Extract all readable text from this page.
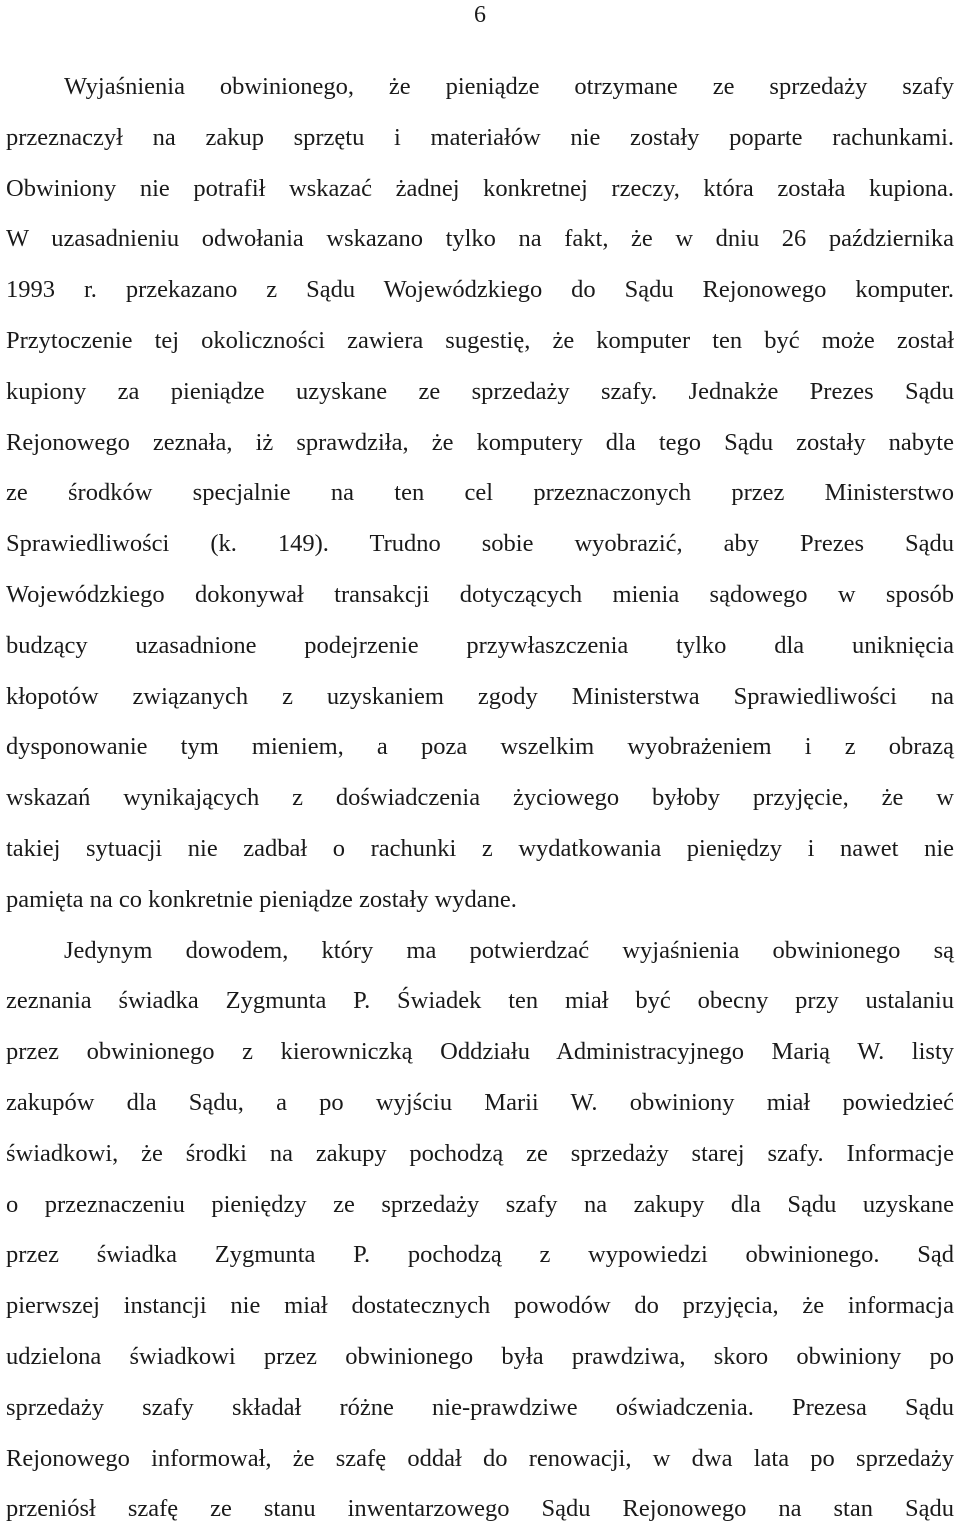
6
Wyjaśnienia obwinionego, że pieniądze otrzymane ze sprzedaży szafy
przeznaczył na zakup sprzętu i materiałów nie zostały poparte rachunkami.
Obwiniony nie potrafił wskazać żadnej konkretnej rzeczy, która została kupiona.
W uzasadnieniu odwołania wskazano tylko na fakt, że w dniu 26 października
1993 r. przekazano z Sądu Wojewódzkiego do Sądu Rejonowego komputer.
Przytoczenie tej okoliczności zawiera sugestię, że komputer ten być może został
kupiony za pieniądze uzyskane ze sprzedaży szafy. Jednakże Prezes Sądu
Rejonowego zeznała, iż sprawdziła, że komputery dla tego Sądu zostały nabyte
ze środków specjalnie na ten cel przeznaczonych przez Ministerstwo
Sprawiedliwości (k. 149). Trudno sobie wyobrazić, aby Prezes Sądu
Wojewódzkiego dokonywał transakcji dotyczących mienia sądowego w sposób
budzący uzasadnione podejrzenie przywłaszczenia tylko dla uniknięcia
kłopotów związanych z uzyskaniem zgody Ministerstwa Sprawiedliwości na
dysponowanie tym mieniem, a poza wszelkim wyobrażeniem i z obrazą
wskazań wynikających z doświadczenia życiowego byłoby przyjęcie, że w
takiej sytuacji nie zadbał o rachunki z wydatkowania pieniędzy i nawet nie
pamięta na co konkretnie pieniądze zostały wydane.
Jedynym dowodem, który ma potwierdzać wyjaśnienia obwinionego są
zeznania świadka Zygmunta P. Świadek ten miał być obecny przy ustalaniu
przez obwinionego z kierowniczką Oddziału Administracyjnego Marią W. listy
zakupów dla Sądu, a po wyjściu Marii W. obwiniony miał powiedzieć
świadkowi, że środki na zakupy pochodzą ze sprzedaży starej szafy. Informacje
o przeznaczeniu pieniędzy ze sprzedaży szafy na zakupy dla Sądu uzyskane
przez świadka Zygmunta P. pochodzą z wypowiedzi obwinionego. Sąd
pierwszej instancji nie miał dostatecznych powodów do przyjęcia, że informacja
udzielona świadkowi przez obwinionego była prawdziwa, skoro obwiniony po
sprzedaży szafy składał różne nie-prawdziwe oświadczenia. Prezesa Sądu
Rejonowego informował, że szafę oddał do renowacji, w dwa lata po sprzedaży
przeniósł szafę ze stanu inwentarzowego Sądu Rejonowego na stan Sądu
